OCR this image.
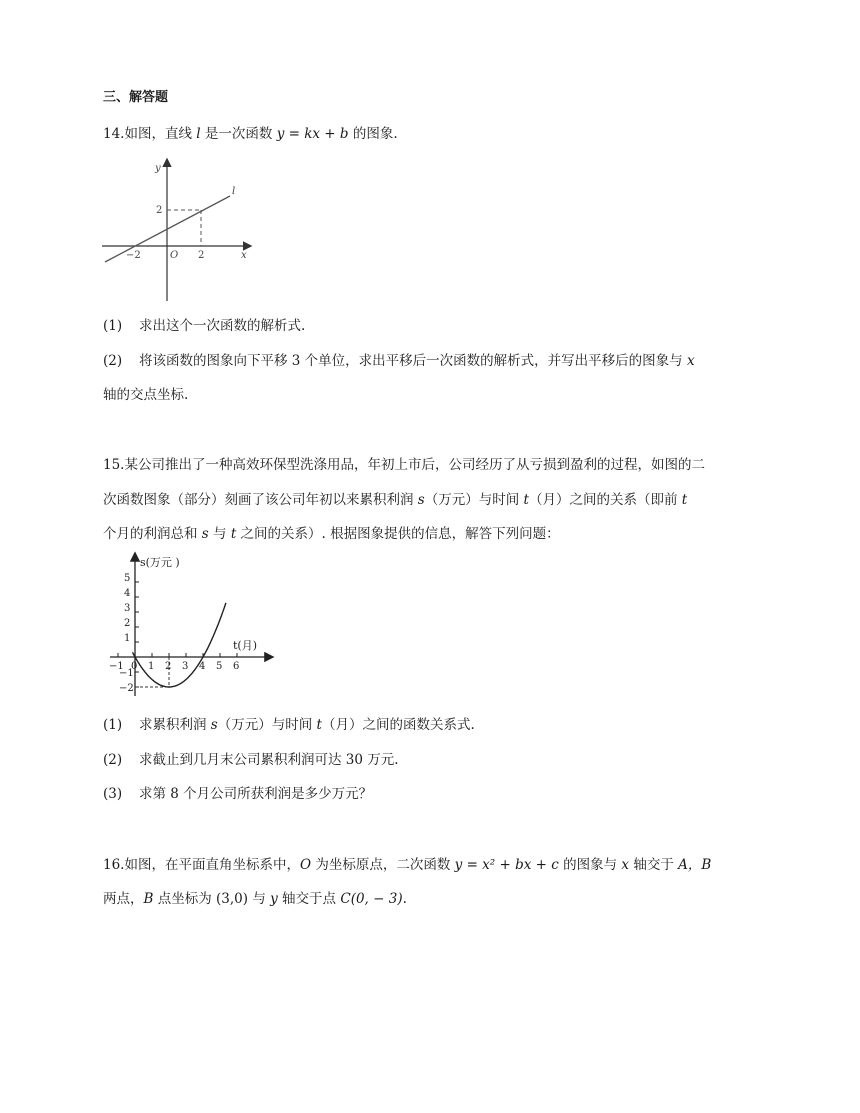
三、解答题
14.如图，直线 l 是一次函数 y = kx + b 的图象.
y
x
l
O
2
−2	2
(1) 求出这个一次函数的解析式.
(2) 将该函数的图象向下平移 3 个单位，求出平移后一次函数的解析式，并写出平移后的图象与 x
轴的交点坐标.
15.某公司推出了一种高效环保型洗涤用品，年初上市后，公司经历了从亏损到盈利的过程，如图的二
次函数图象（部分）刻画了该公司年初以来累积利润 s（万元）与时间 t（月）之间的关系（即前 t
个月的利润总和 s 与 t 之间的关系）. 根据图象提供的信息，解答下列问题：
s(万元 )
t(月)
5
4
3
2
1
−1
−2
−1 0 1 2 3 4 5 6
(1) 求累积利润 s（万元）与时间 t（月）之间的函数关系式.
(2) 求截止到几月末公司累积利润可达 30 万元.
(3) 求第 8 个月公司所获利润是多少万元？
16.如图，在平面直角坐标系中，O 为坐标原点，二次函数 y = x² + bx + c 的图象与 x 轴交于 A，B
两点，B 点坐标为 (3,0) 与 y 轴交于点 C(0, − 3).
